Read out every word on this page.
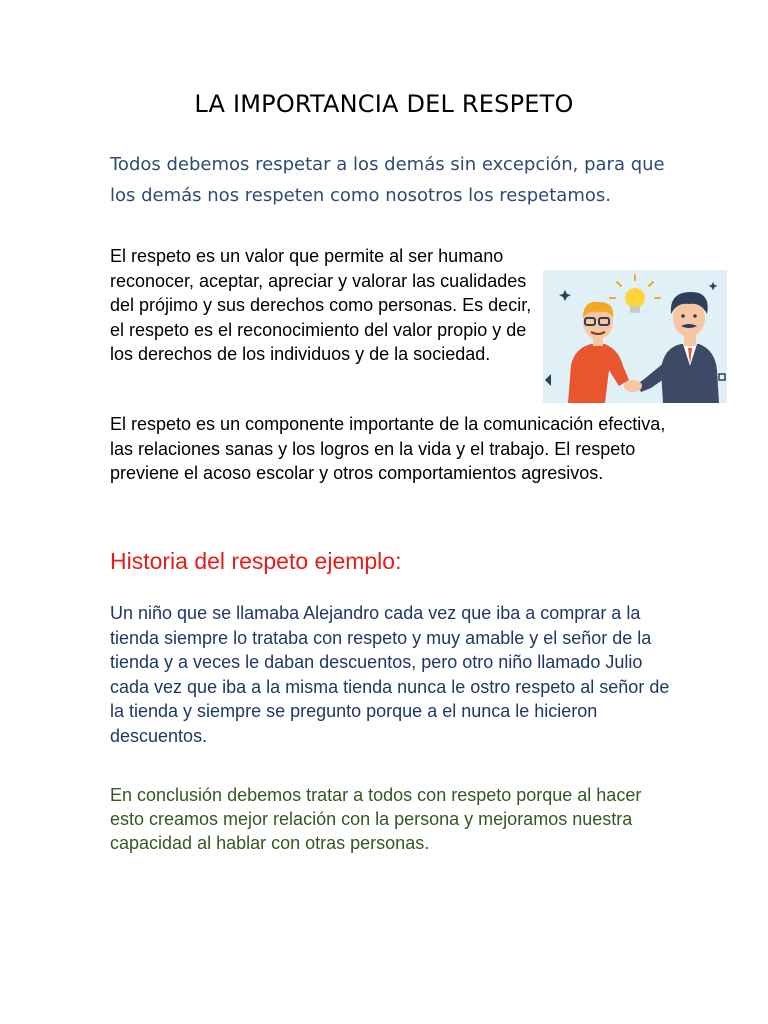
LA IMPORTANCIA DEL RESPETO
Todos debemos respetar a los demás sin excepción, para que los demás nos respeten como nosotros los respetamos.
El respeto es un valor que permite al ser humano reconocer, aceptar, apreciar y valorar las cualidades del prójimo y sus derechos como personas. Es decir, el respeto es el reconocimiento del valor propio y de los derechos de los individuos y de la sociedad.
El respeto es un componente importante de la comunicación efectiva, las relaciones sanas y los logros en la vida y el trabajo. El respeto previene el acoso escolar y otros comportamientos agresivos.
Historia del respeto ejemplo:
Un niño que se llamaba Alejandro cada vez que iba a comprar a la tienda siempre lo trataba con respeto y muy amable y el señor de la tienda y a veces le daban descuentos, pero otro niño llamado Julio cada vez que iba a la misma tienda nunca le ostro respeto al señor de la tienda y siempre se pregunto porque a el nunca le hicieron descuentos.
En conclusión debemos tratar a todos con respeto porque al hacer esto creamos mejor relación con la persona y mejoramos nuestra capacidad al hablar con otras personas.
